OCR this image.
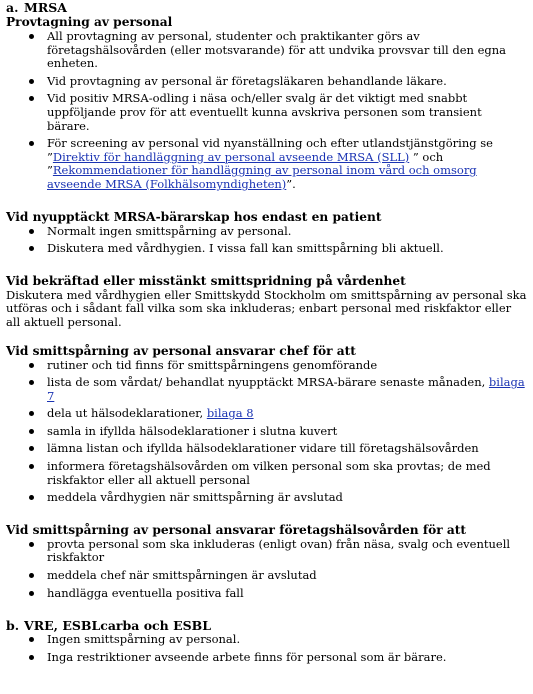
a. MRSA
Provtagning av personal
All provtagning av personal, studenter och praktikanter görs av företagshälsovården (eller motsvarande) för att undvika provsvar till den egna enheten.
Vid provtagning av personal är företagsläkaren behandlande läkare.
Vid positiv MRSA-odling i näsa och/eller svalg är det viktigt med snabbt uppföljande prov för att eventuellt kunna avskriva personen som transient bärare.
För screening av personal vid nyanställning och efter utlandstjänstgöring se ”Direktiv för handläggning av personal avseende MRSA (SLL) ” och ”Rekommendationer för handläggning av personal inom vård och omsorg avseende MRSA (Folkhälsomyndigheten)”.
Vid nyupptäckt MRSA-bärarskap hos endast en patient
Normalt ingen smittspårning av personal.
Diskutera med vårdhygien. I vissa fall kan smittspårning bli aktuell.
Vid bekräftad eller misstänkt smittspridning på vårdenhet

Diskutera med vårdhygien eller Smittskydd Stockholm om smittspårning av personal ska utföras och i sådant fall vilka som ska inkluderas; enbart personal med riskfaktor eller all aktuell personal.

Vid smittspårning av personal ansvarar chef för att
rutiner och tid finns för smittspårningens genomförande
lista de som vårdat/ behandlat nyupptäckt MRSA-bärare senaste månaden, bilaga 7
dela ut hälsodeklarationer, bilaga 8
samla in ifyllda hälsodeklarationer i slutna kuvert
lämna listan och ifyllda hälsodeklarationer vidare till företagshälsovården
informera företagshälsovården om vilken personal som ska provtas; de med riskfaktor eller all aktuell personal
meddela vårdhygien när smittspårning är avslutad
Vid smittspårning av personal ansvarar företagshälsovården för att
provta personal som ska inkluderas (enligt ovan) från näsa, svalg och eventuell riskfaktor
meddela chef när smittspårningen är avslutad
handlägga eventuella positiva fall
b. VRE, ESBLcarba och ESBL
Ingen smittspårning av personal.
Inga restriktioner avseende arbete finns för personal som är bärare.
